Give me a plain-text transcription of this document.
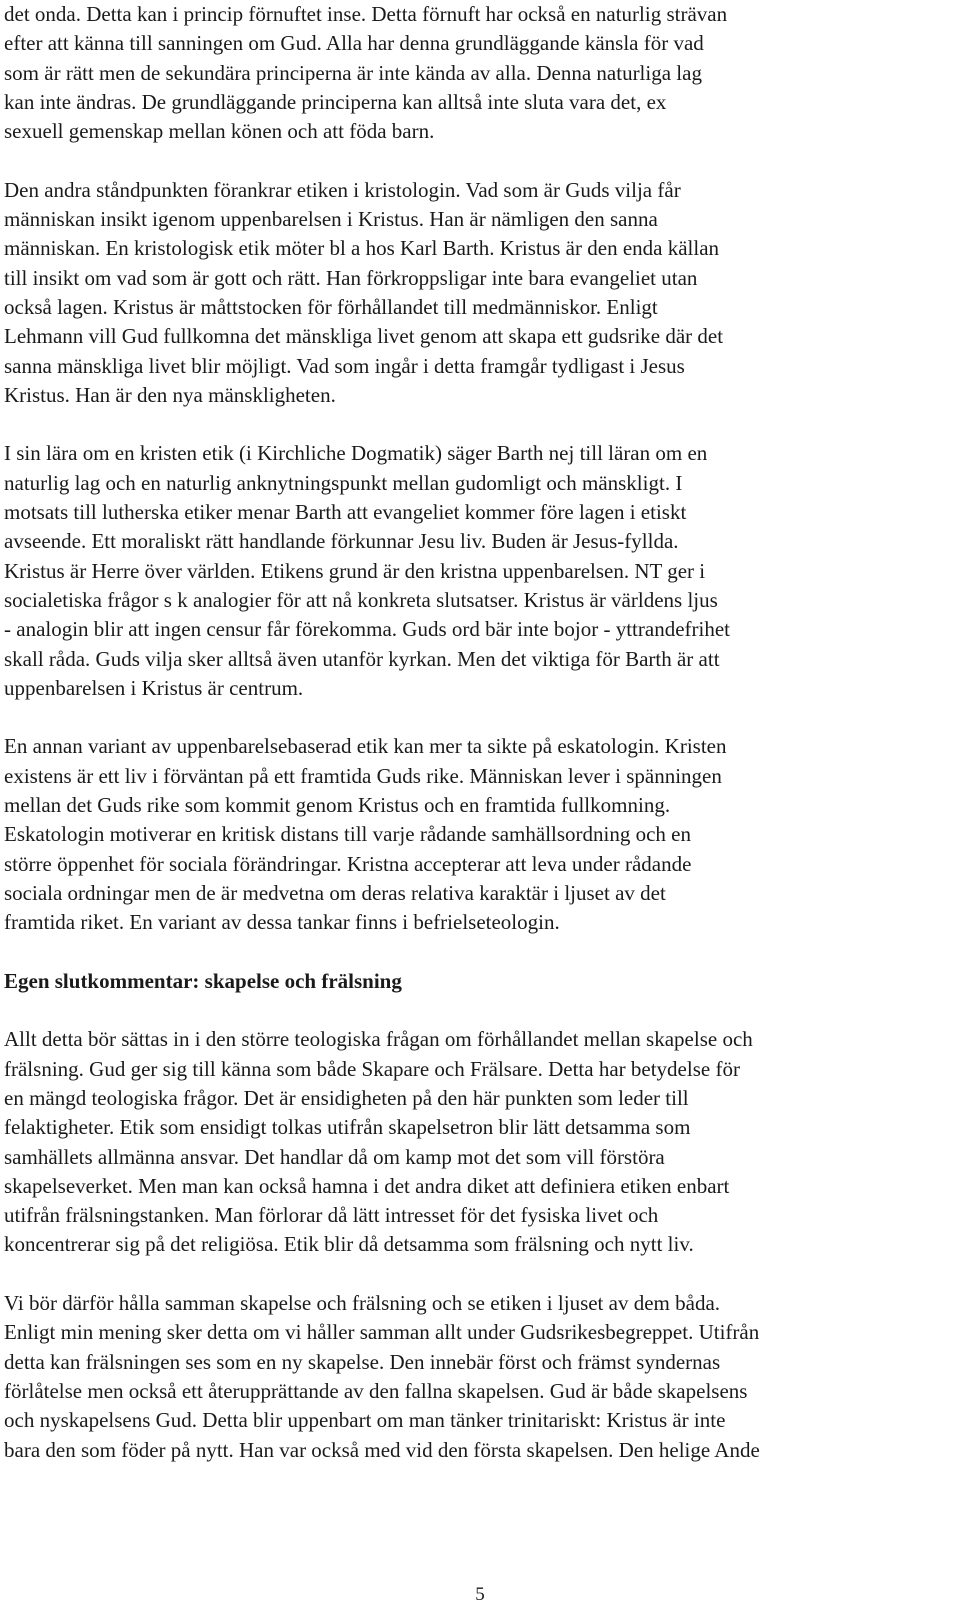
det onda. Detta kan i princip förnuftet inse. Detta förnuft har också en naturlig strävan
efter att känna till sanningen om Gud. Alla har denna grundläggande känsla för vad
som är rätt men de sekundära principerna är inte kända av alla. Denna naturliga lag
kan inte ändras. De grundläggande principerna kan alltså inte sluta vara det, ex
sexuell gemenskap mellan könen och att föda barn.

Den andra ståndpunkten förankrar etiken i kristologin. Vad som är Guds vilja får
människan insikt igenom uppenbarelsen i Kristus. Han är nämligen den sanna
människan. En kristologisk etik möter bl a hos Karl Barth. Kristus är den enda källan
till insikt om vad som är gott och rätt. Han förkroppsligar inte bara evangeliet utan
också lagen. Kristus är måttstocken för förhållandet till medmänniskor. Enligt
Lehmann vill Gud fullkomna det mänskliga livet genom att skapa ett gudsrike där det
sanna mänskliga livet blir möjligt. Vad som ingår i detta framgår tydligast i Jesus
Kristus. Han är den nya mänskligheten.

I sin lära om en kristen etik (i Kirchliche Dogmatik) säger Barth nej till läran om en
naturlig lag och en naturlig anknytningspunkt mellan gudomligt och mänskligt. I
motsats till lutherska etiker menar Barth att evangeliet kommer före lagen i etiskt
avseende. Ett moraliskt rätt handlande förkunnar Jesu liv. Buden är Jesus-fyllda.
Kristus är Herre över världen. Etikens grund är den kristna uppenbarelsen. NT ger i
socialetiska frågor s k analogier för att nå konkreta slutsatser. Kristus är världens ljus
- analogin blir att ingen censur får förekomma. Guds ord bär inte bojor - yttrandefrihet
skall råda. Guds vilja sker alltså även utanför kyrkan. Men det viktiga för Barth är att
uppenbarelsen i Kristus är centrum.

En annan variant av uppenbarelsebaserad etik kan mer ta sikte på eskatologin. Kristen
existens är ett liv i förväntan på ett framtida Guds rike. Människan lever i spänningen
mellan det Guds rike som kommit genom Kristus och en framtida fullkomning.
Eskatologin motiverar en kritisk distans till varje rådande samhällsordning och en
större öppenhet för sociala förändringar. Kristna accepterar att leva under rådande
sociala ordningar men de är medvetna om deras relativa karaktär i ljuset av det
framtida riket. En variant av dessa tankar finns i befrielseteologin.

Egen slutkommentar: skapelse och frälsning

Allt detta bör sättas in i den större teologiska frågan om förhållandet mellan skapelse och
frälsning. Gud ger sig till känna som både Skapare och Frälsare. Detta har betydelse för
en mängd teologiska frågor. Det är ensidigheten på den här punkten som leder till
felaktigheter. Etik som ensidigt tolkas utifrån skapelsetron blir lätt detsamma som
samhällets allmänna ansvar. Det handlar då om kamp mot det som vill förstöra
skapelseverket. Men man kan också hamna i det andra diket att definiera etiken enbart
utifrån frälsningstanken. Man förlorar då lätt intresset för det fysiska livet och
koncentrerar sig på det religiösa. Etik blir då detsamma som frälsning och nytt liv.

Vi bör därför hålla samman skapelse och frälsning och se etiken i ljuset av dem båda.
Enligt min mening sker detta om vi håller samman allt under Gudsrikesbegreppet. Utifrån
detta kan frälsningen ses som en ny skapelse. Den innebär först och främst syndernas
förlåtelse men också ett återupprättande av den fallna skapelsen. Gud är både skapelsens
och nyskapelsens Gud. Detta blir uppenbart om man tänker trinitariskt: Kristus är inte
bara den som föder på nytt. Han var också med vid den första skapelsen. Den helige Ande

5
